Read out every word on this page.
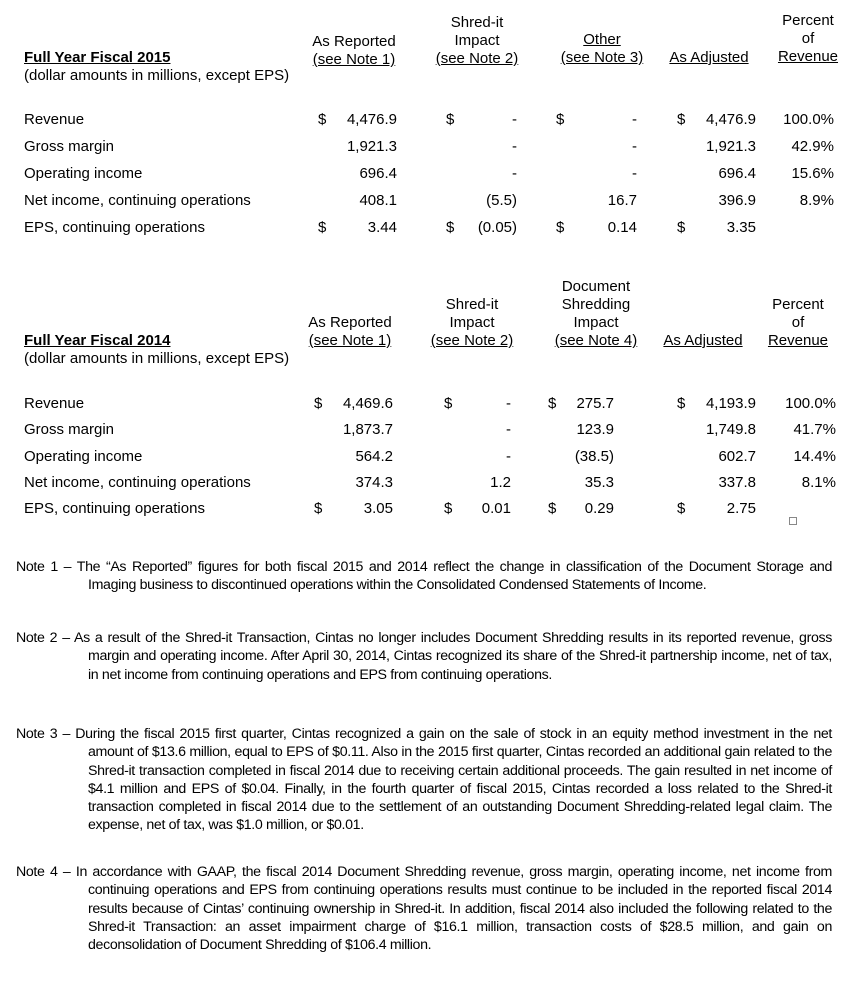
Full Year Fiscal 2015
(dollar amounts in millions, except EPS)
As Reported
(see Note 1)
Shred-it
Impact
(see Note 2)
Other
(see Note 3)	As Adjusted
Percent
of
Revenue
Revenue	$	4,476.9	$	-	$	-	$	4,476.9	100.0%
Gross margin	1,921.3	-	-	1,921.3	42.9%
Operating income	696.4	-	-	696.4	15.6%
Net income, continuing operations	408.1	(5.5)	16.7	396.9	8.9%
EPS, continuing operations	$	3.44	$	(0.05)	$	0.14	$	3.35
Full Year Fiscal 2014
(dollar amounts in millions, except EPS)
As Reported
(see Note 1)
Shred-it
Impact
(see Note 2)
Document
Shredding
Impact
(see Note 4)	As Adjusted
Percent
of
Revenue
Revenue	$	4,469.6	$	- $	275.7	$	4,193.9	100.0%
Gross margin	1,873.7	-	123.9	1,749.8	41.7%
Operating income	564.2	-	(38.5)	602.7	14.4%
Net income, continuing operations	374.3	1.2	35.3	337.8	8.1%
EPS, continuing operations	$	3.05	$	0.01 $	0.29	$	2.75

Note 1 – The “As Reported” figures for both fiscal 2015 and 2014 reflect the change in classification of the Document Storage and Imaging business to discontinued operations within the Consolidated Condensed Statements of Income.

Note 2 – As a result of the Shred-it Transaction, Cintas no longer includes Document Shredding results in its reported revenue, gross margin and operating income. After April 30, 2014, Cintas recognized its share of the Shred-it partnership income, net of tax, in net income from continuing operations and EPS from continuing operations.

Note 3 – During the fiscal 2015 first quarter, Cintas recognized a gain on the sale of stock in an equity method investment in the net amount of $13.6 million, equal to EPS of $0.11. Also in the 2015 first quarter, Cintas recorded an additional gain related to the Shred-it transaction completed in fiscal 2014 due to receiving certain additional proceeds. The gain resulted in net income of $4.1 million and EPS of $0.04. Finally, in the fourth quarter of fiscal 2015, Cintas recorded a loss related to the Shred-it transaction completed in fiscal 2014 due to the settlement of an outstanding Document Shredding-related legal claim. The expense, net of tax, was $1.0 million, or $0.01.

Note 4 – In accordance with GAAP, the fiscal 2014 Document Shredding revenue, gross margin, operating income, net income from continuing operations and EPS from continuing operations results must continue to be included in the reported fiscal 2014 results because of Cintas’ continuing ownership in Shred-it. In addition, fiscal 2014 also included the following related to the Shred-it Transaction: an asset impairment charge of $16.1 million, transaction costs of $28.5 million, and gain on deconsolidation of Document Shredding of $106.4 million.
